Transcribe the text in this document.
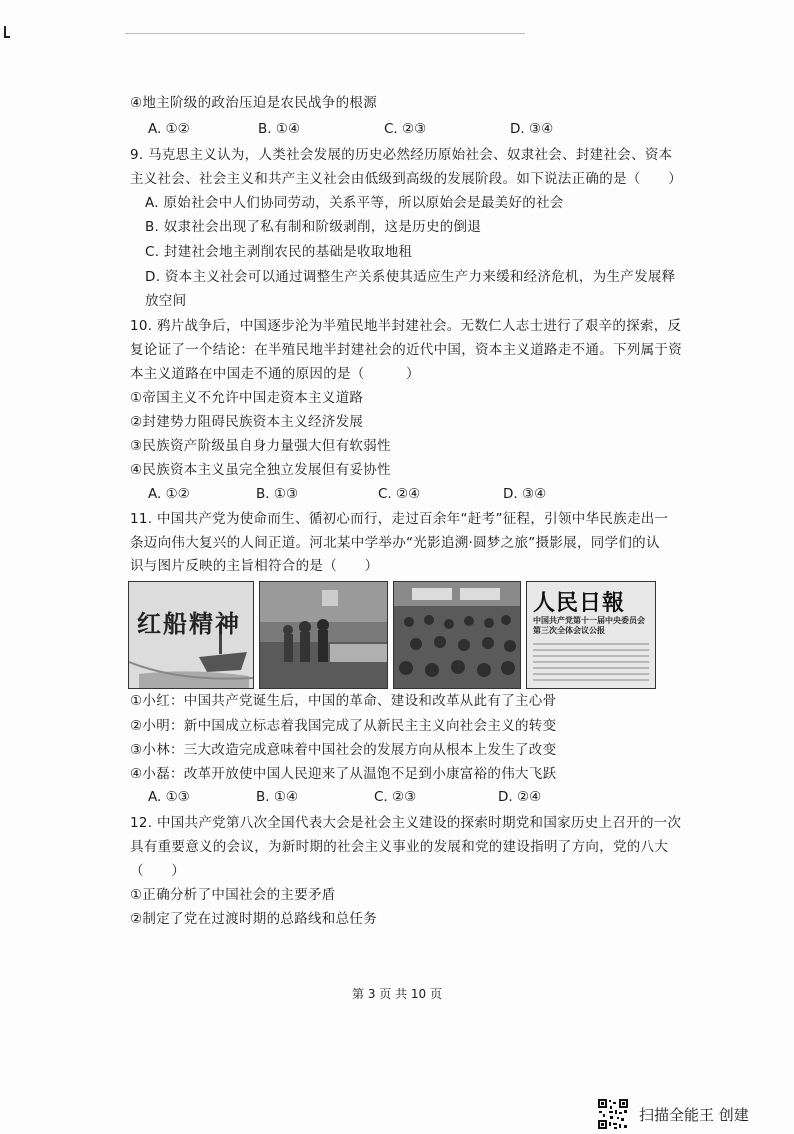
④地主阶级的政治压迫是农民战争的根源
A. ①②	B. ①④	C. ②③	D. ③④
9. 马克思主义认为，人类社会发展的历史必然经历原始社会、奴隶社会、封建社会、资本
主义社会、社会主义和共产主义社会由低级到高级的发展阶段。如下说法正确的是（　　）
A. 原始社会中人们协同劳动，关系平等，所以原始会是最美好的社会
B. 奴隶社会出现了私有制和阶级剥削，这是历史的倒退
C. 封建社会地主剥削农民的基础是收取地租
D. 资本主义社会可以通过调整生产关系使其适应生产力来缓和经济危机，为生产发展释
放空间
10. 鸦片战争后，中国逐步沦为半殖民地半封建社会。无数仁人志士进行了艰辛的探索，反
复论证了一个结论：在半殖民地半封建社会的近代中国，资本主义道路走不通。下列属于资
本主义道路在中国走不通的原因的是（　　　）
①帝国主义不允许中国走资本主义道路
②封建势力阻碍民族资本主义经济发展
③民族资产阶级虽自身力量强大但有软弱性
④民族资本主义虽完全独立发展但有妥协性
A. ①②	B. ①③	C. ②④	D. ③④
11. 中国共产党为使命而生、循初心而行，走过百余年“赶考”征程，引领中华民族走出一
条迈向伟大复兴的人间正道。河北某中学举办“光影追溯·圆梦之旅”摄影展，同学们的认
识与图片反映的主旨相符合的是（　　）
红船精神
人民日報
中国共产党第十一届中央委员会第三次全体会议公报
①小红：中国共产党诞生后，中国的革命、建设和改革从此有了主心骨
②小明：新中国成立标志着我国完成了从新民主主义向社会主义的转变
③小林：三大改造完成意味着中国社会的发展方向从根本上发生了改变
④小磊：改革开放使中国人民迎来了从温饱不足到小康富裕的伟大飞跃
A. ①③	B. ①④	C. ②③	D. ②④
12. 中国共产党第八次全国代表大会是社会主义建设的探索时期党和国家历史上召开的一次
具有重要意义的会议，为新时期的社会主义事业的发展和党的建设指明了方向，党的八大
（　　）
①正确分析了中国社会的主要矛盾
②制定了党在过渡时期的总路线和总任务
第 3 页 共 10 页
扫描全能王 创建
